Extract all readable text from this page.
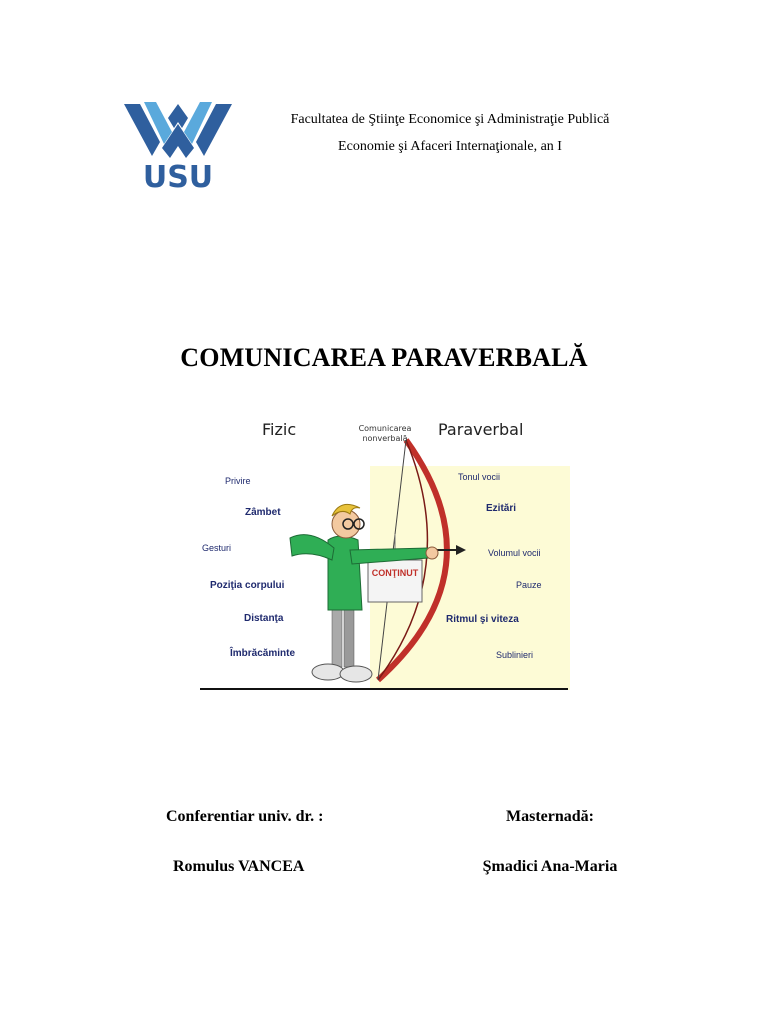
USU
Facultatea de Ştiinţe Economice şi Administraţie Publică
Economie şi Afaceri Internaţionale, an I
COMUNICAREA PARAVERBALĂ
Fizic	Comunicarea
nonverbală	Paraverbal
Privire
Zâmbet
Gesturi
Poziţia corpului
Distanţa
Îmbrăcăminte
Tonul vocii
Ezitări
Volumul vocii
Pauze
Ritmul şi viteza
Sublinieri
CONŢINUT
Conferentiar univ. dr. :	Masternadă:
Romulus VANCEA	Şmadici Ana-Maria
